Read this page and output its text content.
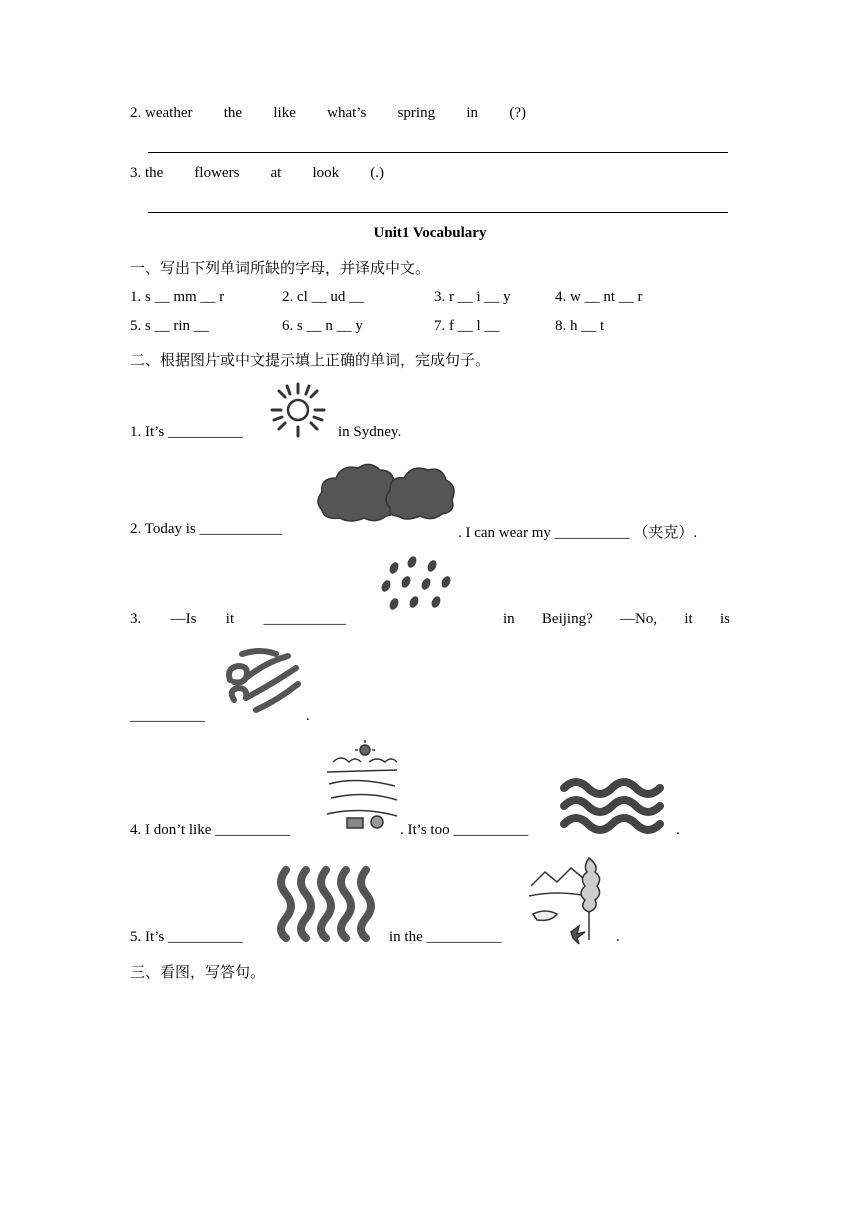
2. weather the like what’s spring in (?)
3. the flowers at look (.)
Unit1 Vocabulary
一、写出下列单词所缺的字母，并译成中文。
1. s __ mm __ r	2. cl __ ud __	3. r __ i __ y	4. w __ nt __ r
5. s __ rin __	6. s __ n __ y	7. f __ l __	8. h __ t
二、根据图片或中文提示填上正确的单词，完成句子。
1. It’s __________	in Sydney.
2. Today is ___________	. I can wear my __________ （夹克）.
3. —Is it ___________	in Beijing? —No, it is
__________	.
4. I don’t like __________	. It’s too __________	.
5. It’s __________	in the __________	.
三、看图，写答句。
